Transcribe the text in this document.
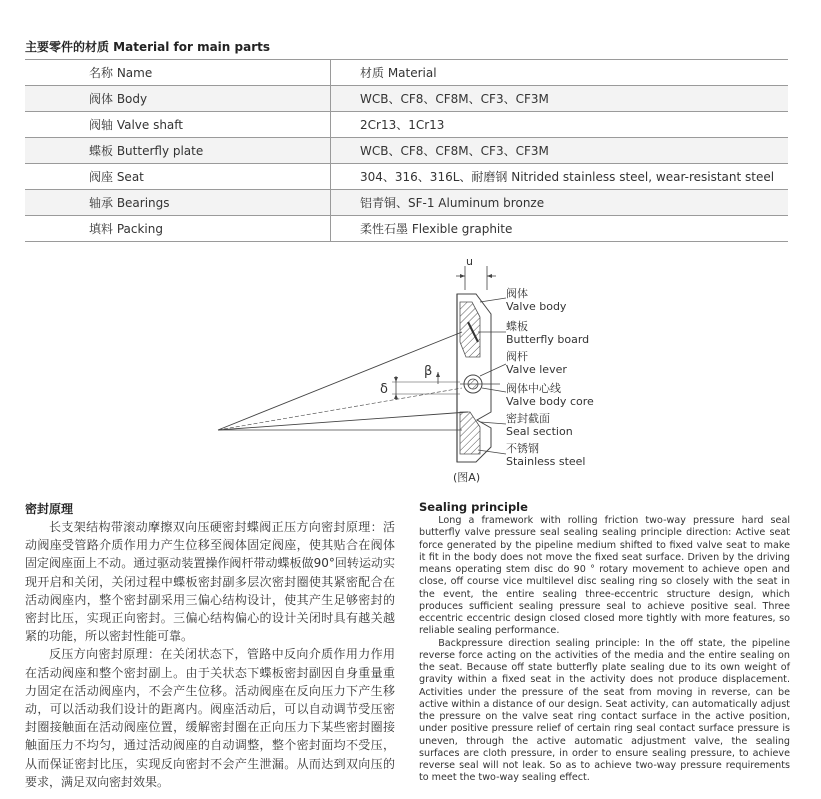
主要零件的材质 Material for main parts
名称 Name	材质 Material
阀体 Body	WCB、CF8、CF8M、CF3、CF3M
阀轴 Valve shaft	2Cr13、1Cr13
蝶板 Butterfly plate	WCB、CF8、CF8M、CF3、CF3M
阀座 Seat	304、316、316L、耐磨钢 Nitrided stainless steel, wear-resistant steel
轴承 Bearings	铝青铜、SF-1 Aluminum bronze
填料 Packing	柔性石墨 Flexible graphite
u
β
δ
阀体
Valve body
蝶板
Butterfly board
阀杆
Valve lever
阀体中心线
Valve body core
密封截面
Seal section
不锈钢
Stainless steel
(图A)
密封原理

长支架结构带滚动摩擦双向压硬密封蝶阀正压方向密封原理：活动阀座受管路介质作用力产生位移至阀体固定阀座，使其贴合在阀体固定阀座面上不动。通过驱动装置操作阀杆带动蝶板做90°回转运动实现开启和关闭，关闭过程中蝶板密封副多层次密封圈使其紧密配合在活动阀座内，整个密封副采用三偏心结构设计，使其产生足够密封的密封比压，实现正向密封。三偏心结构偏心的设计关闭时具有越关越紧的功能，所以密封性能可靠。

反压方向密封原理：在关闭状态下，管路中反向介质作用力作用在活动阀座和整个密封副上。由于关状态下蝶板密封副因自身重量重力固定在活动阀座内，不会产生位移。活动阀座在反向压力下产生移动，可以活动我们设计的距离内。阀座活动后，可以自动调节受压密封圈接触面在活动阀座位置，缓解密封圈在正向压力下某些密封圈接触面压力不均匀，通过活动阀座的自动调整，整个密封面均不受压，从而保证密封比压，实现反向密封不会产生泄漏。从而达到双向压的要求，满足双向密封效果。

Sealing principle

Long a framework with rolling friction two-way pressure hard seal butterfly valve pressure seal sealing sealing principle direction: Active seat force generated by the pipeline medium shifted to fixed valve seat to make it fit in the body does not move the fixed seat surface. Driven by the driving means operating stem disc do 90 ° rotary movement to achieve open and close, off course vice multilevel disc sealing ring so closely with the seat in the event, the entire sealing three-eccentric structure design, which produces sufficient sealing pressure seal to achieve positive seal. Three eccentric eccentric design closed closed more tightly with more features, so reliable sealing performance.

Backpressure direction sealing principle: In the off state, the pipeline reverse force acting on the activities of the media and the entire sealing on the seat. Because off state butterfly plate sealing due to its own weight of gravity within a fixed seat in the activity does not produce displacement. Activities under the pressure of the seat from moving in reverse, can be active within a distance of our design. Seat activity, can automatically adjust the pressure on the valve seat ring contact surface in the active position, under positive pressure relief of certain ring seal contact surface pressure is uneven, through the active automatic adjustment valve, the sealing surfaces are cloth pressure, in order to ensure sealing pressure, to achieve reverse seal will not leak. So as to achieve two-way pressure requirements to meet the two-way sealing effect.
